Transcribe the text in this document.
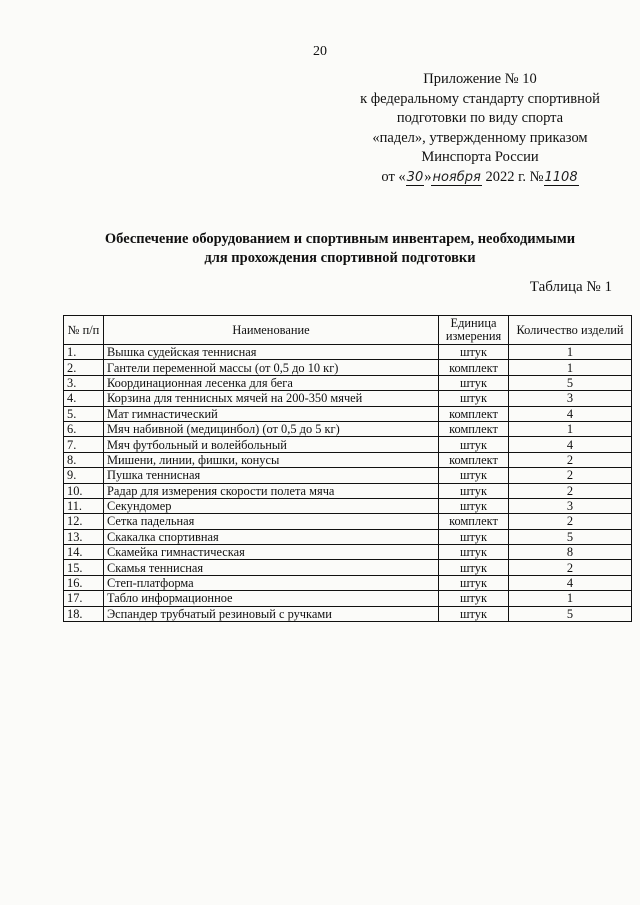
20
Приложение № 10
к федеральному стандарту спортивной
подготовки по виду спорта
«падел», утвержденному приказом
Минспорта России
от «30»ноября 2022 г. №1108
Обеспечение оборудованием и спортивным инвентарем, необходимыми
для прохождения спортивной подготовки
Таблица № 1
№ п/п	Наименование	Единица измерения	Количество изделий
1.	Вышка судейская теннисная	штук	1
2.	Гантели переменной массы (от 0,5 до 10 кг)	комплект	1
3.	Координационная лесенка для бега	штук	5
4.	Корзина для теннисных мячей на 200-350 мячей	штук	3
5.	Мат гимнастический	комплект	4
6.	Мяч набивной (медицинбол) (от 0,5 до 5 кг)	комплект	1
7.	Мяч футбольный и волейбольный	штук	4
8.	Мишени, линии, фишки, конусы	комплект	2
9.	Пушка теннисная	штук	2
10.	Радар для измерения скорости полета мяча	штук	2
11.	Секундомер	штук	3
12.	Сетка падельная	комплект	2
13.	Скакалка спортивная	штук	5
14.	Скамейка гимнастическая	штук	8
15.	Скамья теннисная	штук	2
16.	Степ-платформа	штук	4
17.	Табло информационное	штук	1
18.	Эспандер трубчатый резиновый с ручками	штук	5
